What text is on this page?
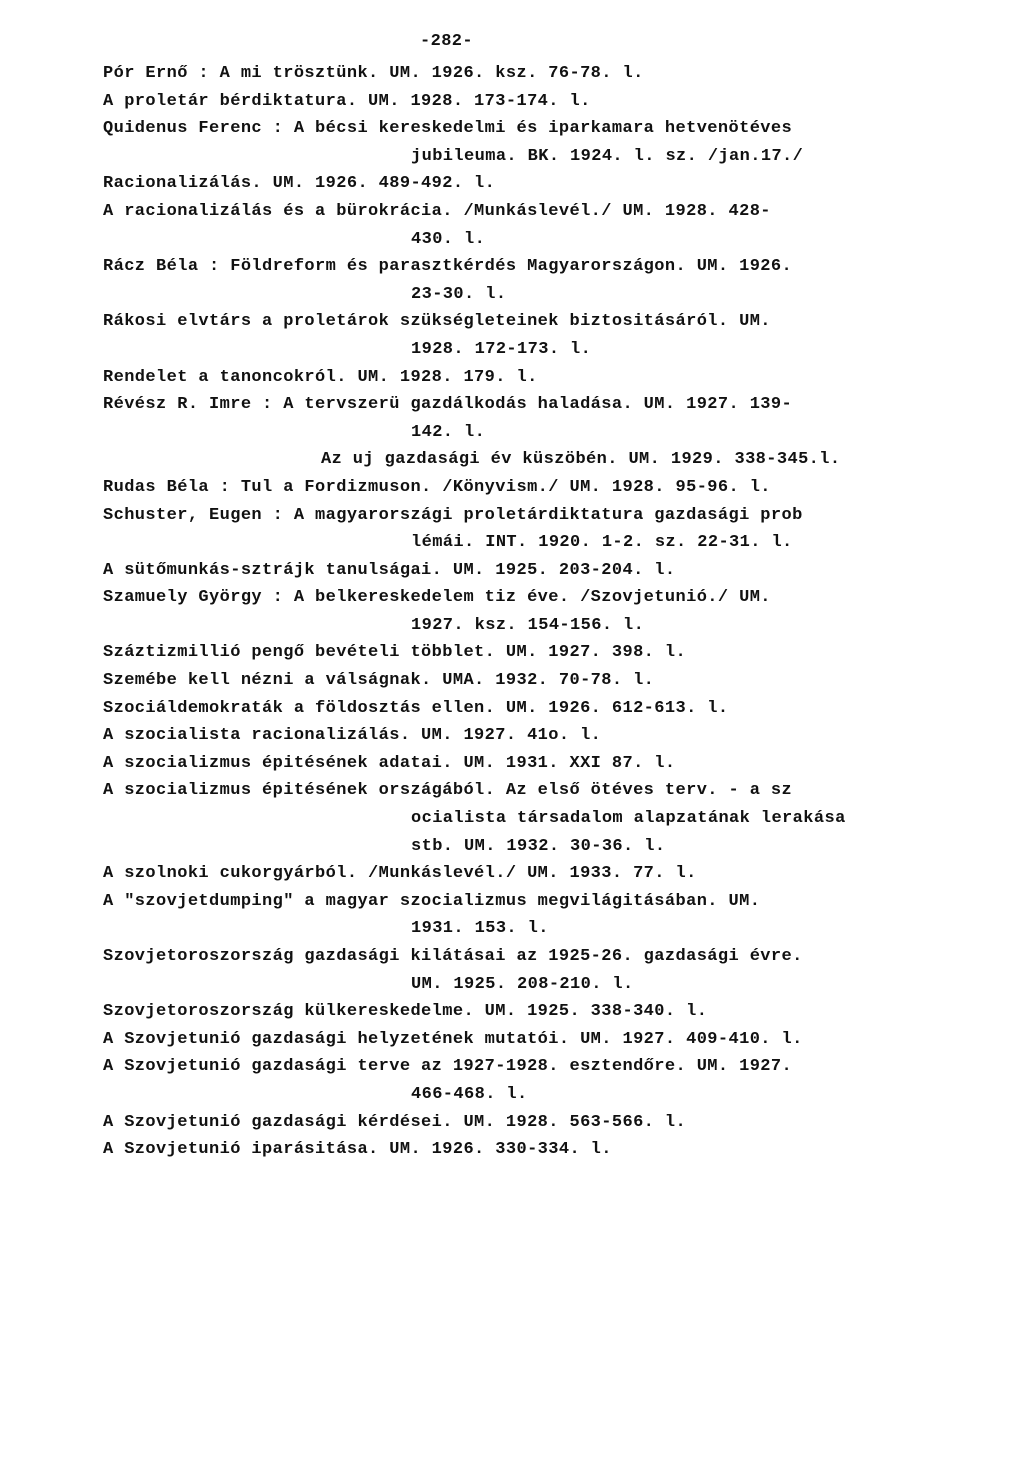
-282-
Pór Ernő : A mi trösztünk. UM. 1926. ksz. 76-78. l.
A proletár bérdiktatura. UM. 1928. 173-174. l.
Quidenus Ferenc : A bécsi kereskedelmi és iparkamara hetvenötéves
jubileuma. BK. 1924. l. sz. /jan.17./
Racionalizálás. UM. 1926. 489-492. l.
A racionalizálás és a bürokrácia. /Munkáslevél./ UM. 1928. 428-
430. l.
Rácz Béla : Földreform és parasztkérdés Magyarországon. UM. 1926.
23-30. l.
Rákosi elvtárs a proletárok szükségleteinek biztositásáról. UM.
1928. 172-173. l.
Rendelet a tanoncokról. UM. 1928. 179. l.
Révész R. Imre : A tervszerü gazdálkodás haladása. UM. 1927. 139-
142. l.
Az uj gazdasági év küszöbén. UM. 1929. 338-345.l.
Rudas Béla : Tul a Fordizmuson. /Könyvism./ UM. 1928. 95-96. l.
Schuster, Eugen : A magyarországi proletárdiktatura gazdasági prob
lémái. INT. 1920. 1-2. sz. 22-31. l.
A sütőmunkás-sztrájk tanulságai. UM. 1925. 203-204. l.
Szamuely György : A belkereskedelem tiz éve. /Szovjetunió./ UM.
1927. ksz. 154-156. l.
Száztizmillió pengő bevételi többlet. UM. 1927. 398. l.
Szemébe kell nézni a válságnak. UMA. 1932. 70-78. l.
Szociáldemokraták a földosztás ellen. UM. 1926. 612-613. l.
A szocialista racionalizálás. UM. 1927. 41o. l.
A szocializmus épitésének adatai. UM. 1931. XXI 87. l.
A szocializmus épitésének országából. Az első ötéves terv. - a sz
ocialista társadalom alapzatának lerakása
stb. UM. 1932. 30-36. l.
A szolnoki cukorgyárból. /Munkáslevél./ UM. 1933. 77. l.
A "szovjetdumping" a magyar szocializmus megvilágitásában. UM.
1931. 153. l.
Szovjetoroszország gazdasági kilátásai az 1925-26. gazdasági évre.
UM. 1925. 208-210. l.
Szovjetoroszország külkereskedelme. UM. 1925. 338-340. l.
A Szovjetunió gazdasági helyzetének mutatói. UM. 1927. 409-410. l.
A Szovjetunió gazdasági terve az 1927-1928. esztendőre. UM. 1927.
466-468. l.
A Szovjetunió gazdasági kérdései. UM. 1928. 563-566. l.
A Szovjetunió iparásitása. UM. 1926. 330-334. l.
